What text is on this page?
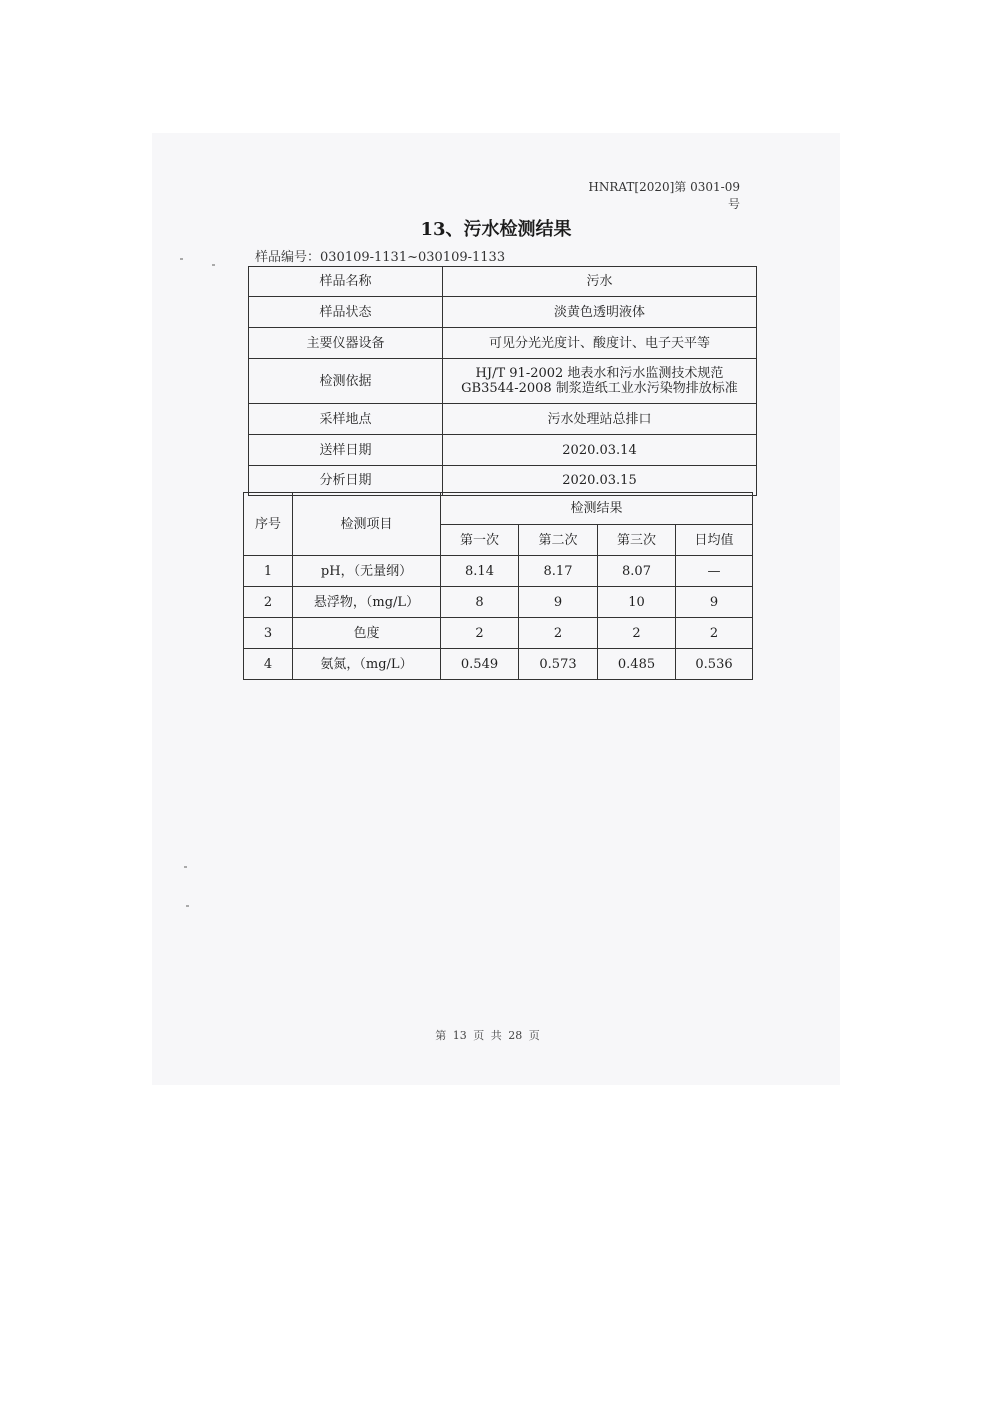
HNRAT[2020]第 0301-09 号
13、污水检测结果
样品编号：030109-1131~030109-1133
样品名称	污水
样品状态	淡黄色透明液体
主要仪器设备	可见分光光度计、酸度计、电子天平等
检测依据	HJ/T 91-2002 地表水和污水监测技术规范
GB3544-2008 制浆造纸工业水污染物排放标准

采样地点	污水处理站总排口
送样日期	2020.03.14
分析日期	2020.03.15
序号	检测项目	检测结果			
		第一次	第二次	第三次	日均值
1	pH，（无量纲）	8.14	8.17	8.07	—
2	悬浮物，（mg/L）	8	9	10	9
3	色度	2	2	2	2
4	氨氮，（mg/L）	0.549	0.573	0.485	0.536
第 13 页 共 28 页
